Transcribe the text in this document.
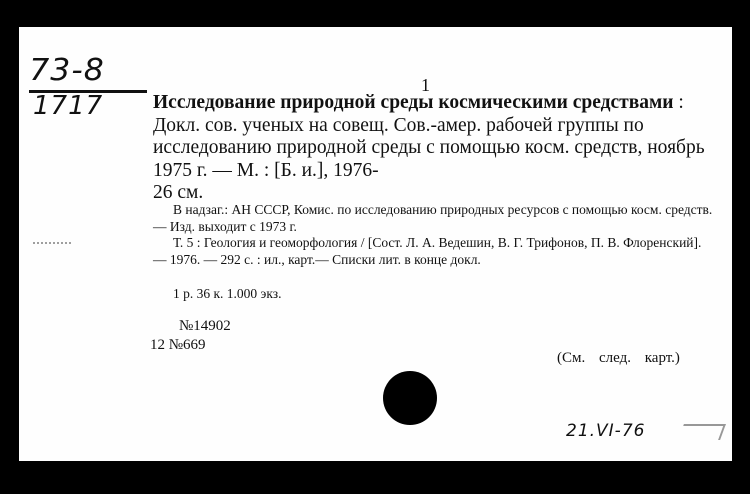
73-8
1717
1

Исследование природной среды космическими средствами : Докл. сов. ученых на совещ. Сов.-амер. рабочей группы по исследованию природной среды с помощью косм. средств, ноябрь 1975 г. — М. : [Б. и.], 1976-
26 см.

В надзаг.: АН СССР, Комис. по исследованию природных ресурсов с помощью косм. средств. — Изд. выходит с 1973 г.

Т. 5 : Геология и геоморфология / [Сост. Л. А. Ведешин, В. Г. Трифонов, П. В. Флоренский]. — 1976. — 292 с. : ил., карт.— Списки лит. в конце докл.

1 р. 36 к. 1.000 экз.

№14902
12 №669
(См. след. карт.)
21.VI-76
